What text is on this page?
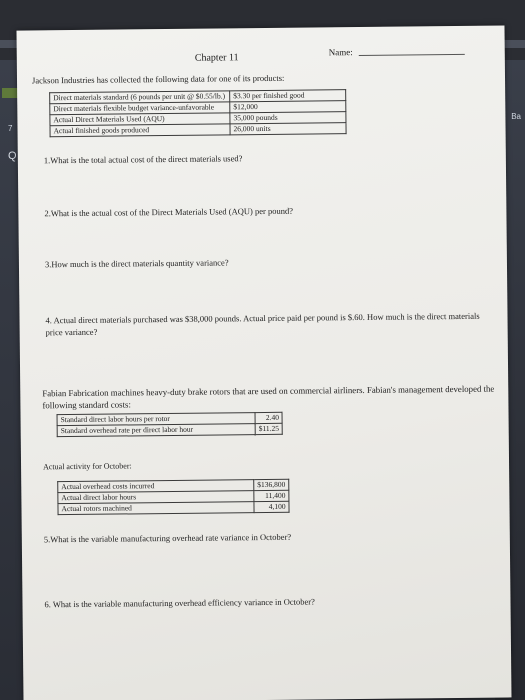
7
Q
Ba
Chapter 11
Name:
Jackson Industries has collected the following data for one of its products:
Direct materials standard (6 pounds per unit @ $0.55/lb.)	$3.30 per finished good
Direct materials flexible budget variance-unfavorable	$12,000
Actual Direct Materials Used (AQU)	35,000 pounds
Actual finished goods produced	26,000 units
1.What is the total actual cost of the direct materials used?
2.What is the actual cost of the Direct Materials Used (AQU) per pound?
3.How much is the direct materials quantity variance?
4. Actual direct materials purchased was $38,000 pounds. Actual price paid per pound is $.60. How much is the direct materials price variance?
Fabian Fabrication machines heavy-duty brake rotors that are used on commercial airliners. Fabian's management developed the following standard costs:
Standard direct labor hours per rotor	2.40
Standard overhead rate per direct labor hour	$11.25
Actual activity for October:
Actual overhead costs incurred	$136,800
Actual direct labor hours	11,400
Actual rotors machined	4,100
5.What is the variable manufacturing overhead rate variance in October?
6. What is the variable manufacturing overhead efficiency variance in October?
